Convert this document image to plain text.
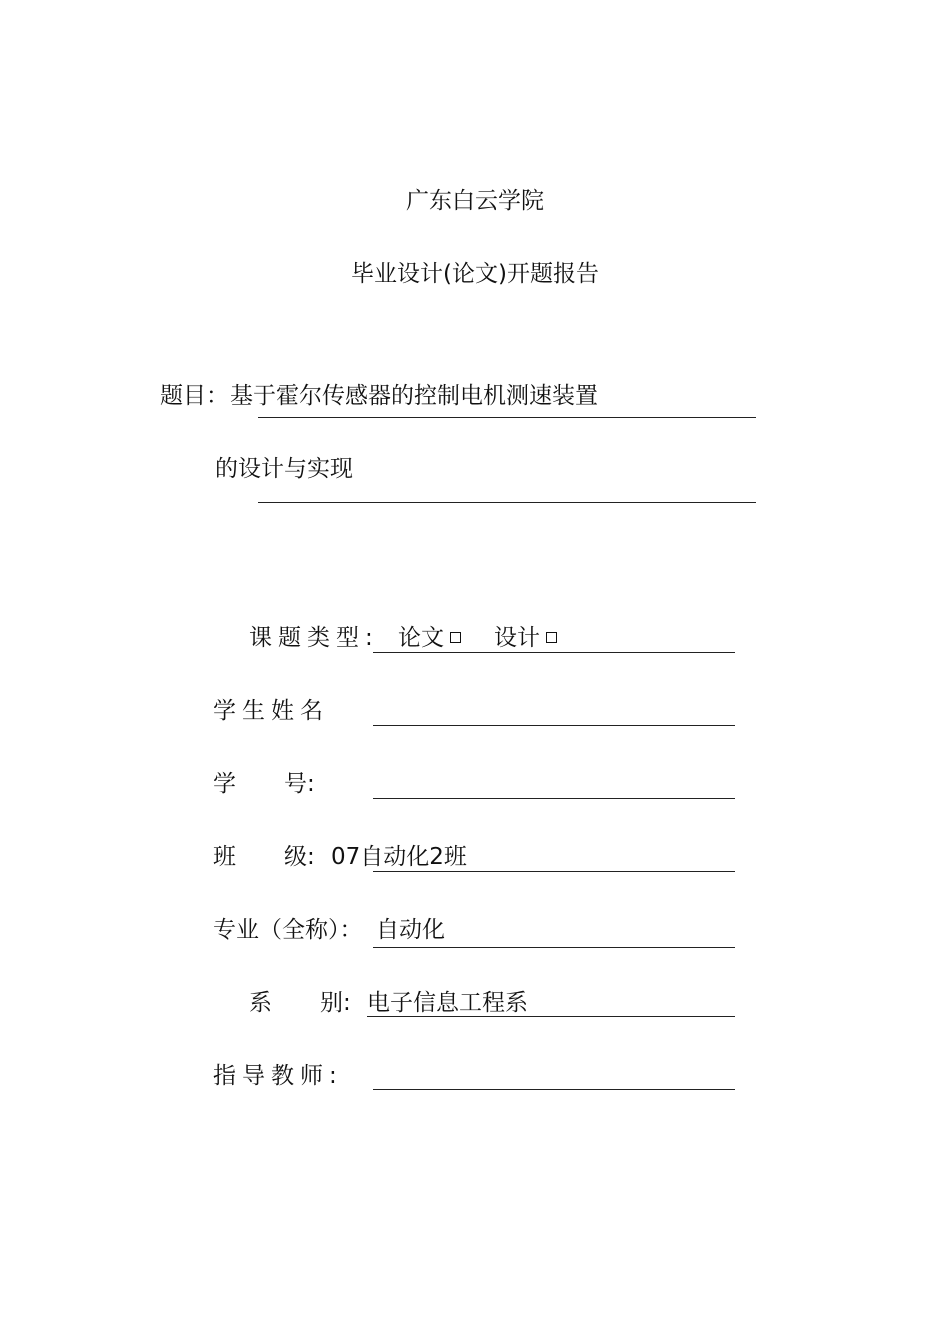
广东白云学院
毕业设计(论文)开题报告
题目： 基于霍尔传感器的控制电机测速装置
的设计与实现
课题类型: 论文	设计
学生姓名
学 号:
班 级: 07自动化2班
专业（全称）： 自动化
系 别: 电子信息工程系
指导教师:
